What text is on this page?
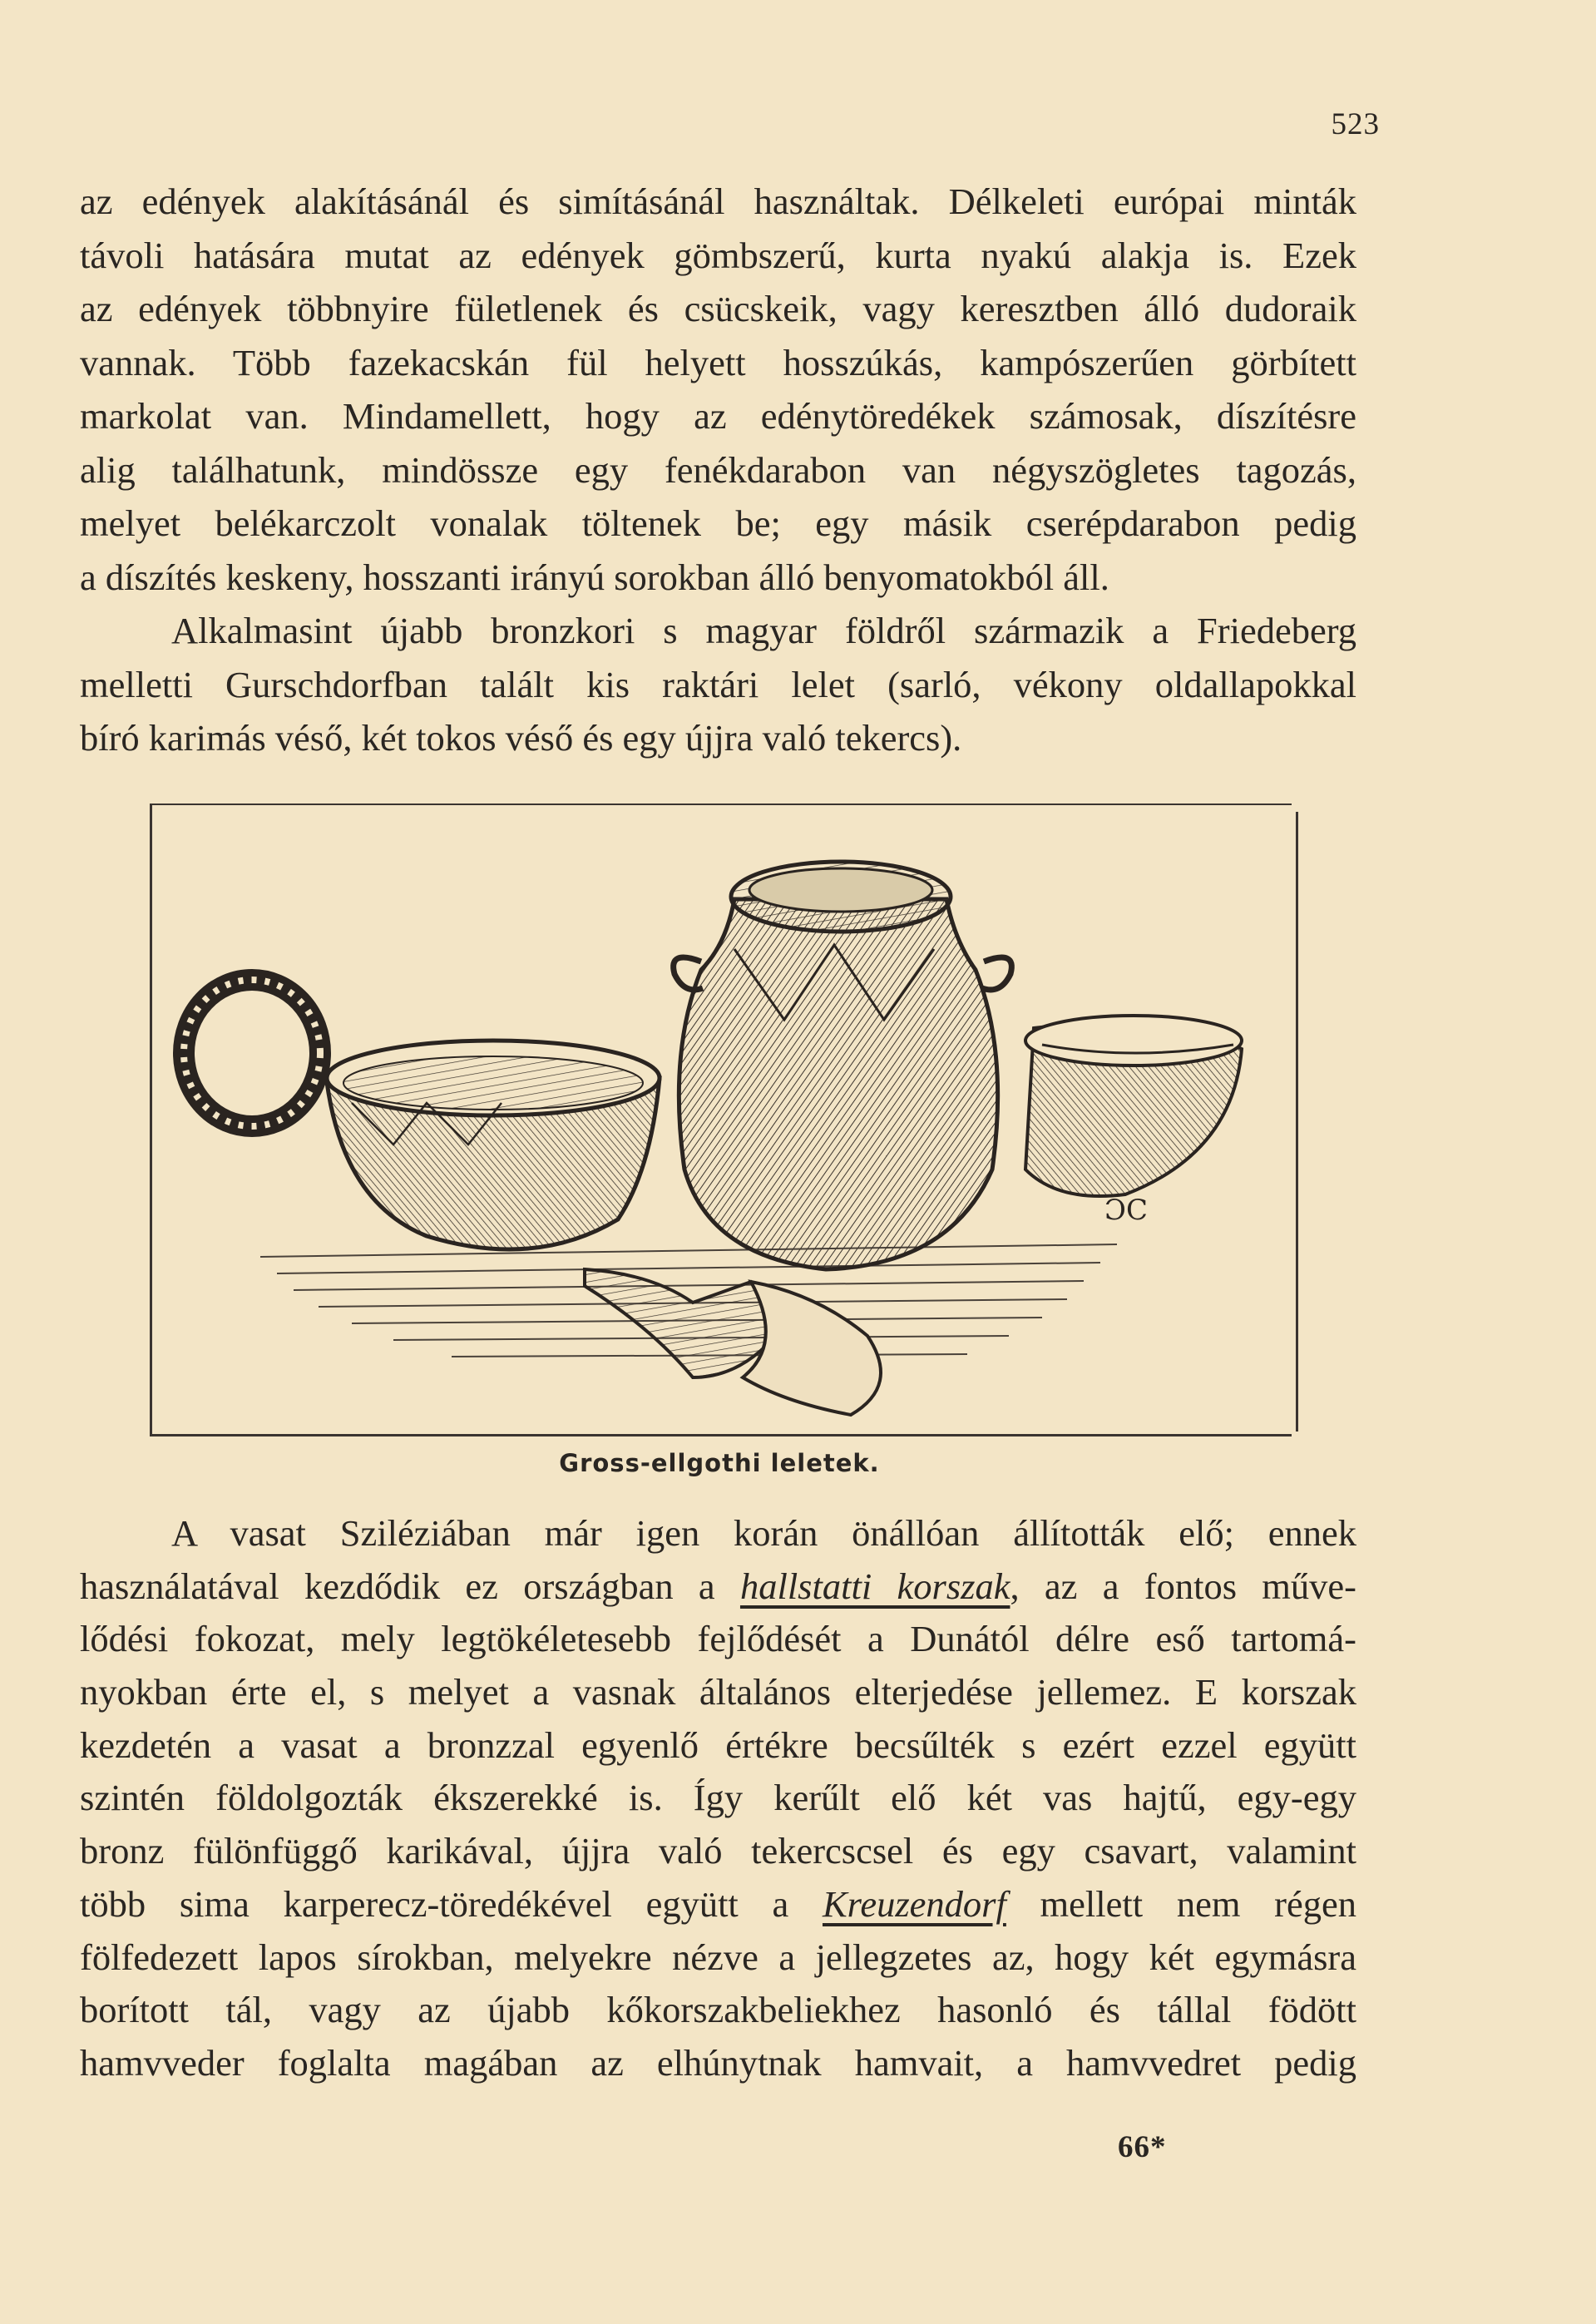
523
az edények alakításánál és simításánál használtak. Délkeleti európai minták
távoli hatására mutat az edények gömbszerű, kurta nyakú alakja is. Ezek
az edények többnyire fületlenek és csücskeik, vagy keresztben álló dudoraik
vannak. Több fazekacskán fül helyett hosszúkás, kampószerűen görbített
markolat van. Mindamellett, hogy az edénytöredékek számosak, díszítésre
alig találhatunk, mindössze egy fenékdarabon van négyszögletes tagozás,
melyet belékarczolt vonalak töltenek be; egy másik cserépdarabon pedig
a díszítés keskeny, hosszanti irányú sorokban álló benyomatokból áll.
Alkalmasint újabb bronzkori s magyar földről származik a Friedeberg
melletti Gurschdorfban talált kis raktári lelet (sarló, vékony oldallapokkal
bíró karimás véső, két tokos véső és egy újjra való tekercs).
ƆC
Gross-ellgothi leletek.
A vasat Sziléziában már igen korán önállóan állították elő; ennek
használatával kezdődik ez országban a hallstatti korszak, az a fontos műve-
lődési fokozat, mely legtökéletesebb fejlődését a Dunától délre eső tartomá-
nyokban érte el, s melyet a vasnak általános elterjedése jellemez. E korszak
kezdetén a vasat a bronzzal egyenlő értékre becsűlték s ezért ezzel együtt
szintén földolgozták ékszerekké is. Így kerűlt elő két vas hajtű, egy-egy
bronz fülönfüggő karikával, újjra való tekercscsel és egy csavart, valamint
több sima karperecz-töredékével együtt a Kreuzendorf mellett nem régen
fölfedezett lapos sírokban, melyekre nézve a jellegzetes az, hogy két egymásra
borított tál, vagy az újabb kőkorszakbeliekhez hasonló és tállal födött
hamvveder foglalta magában az elhúnytnak hamvait, a hamvvedret pedig
66*
